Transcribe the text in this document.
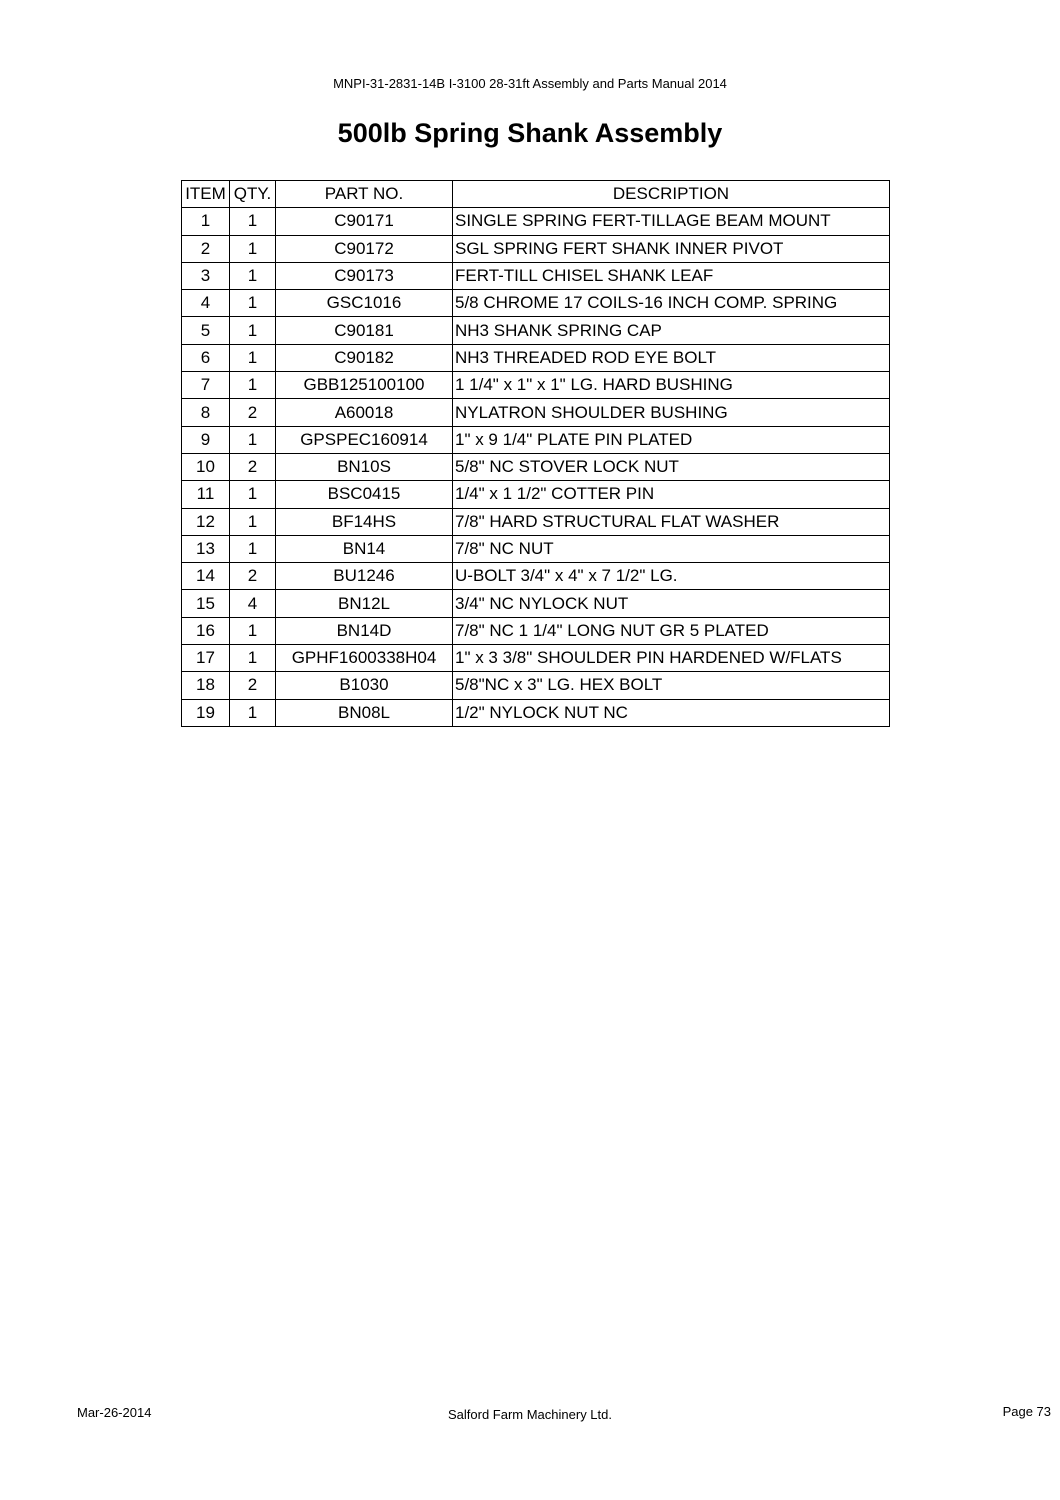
MNPI-31-2831-14B I-3100 28-31ft Assembly and Parts Manual 2014
500lb Spring Shank Assembly
ITEM	QTY.	PART NO.	DESCRIPTION
1	1	C90171	SINGLE SPRING FERT-TILLAGE BEAM MOUNT
2	1	C90172	SGL SPRING FERT SHANK INNER PIVOT
3	1	C90173	FERT-TILL CHISEL SHANK LEAF
4	1	GSC1016	5/8 CHROME 17 COILS-16 INCH COMP. SPRING
5	1	C90181	NH3 SHANK SPRING CAP
6	1	C90182	NH3 THREADED ROD EYE BOLT
7	1	GBB125100100	1 1/4" x 1" x 1" LG. HARD BUSHING
8	2	A60018	NYLATRON SHOULDER BUSHING
9	1	GPSPEC160914	1" x 9 1/4" PLATE PIN PLATED
10	2	BN10S	5/8" NC STOVER LOCK NUT
11	1	BSC0415	1/4" x 1 1/2" COTTER PIN
12	1	BF14HS	7/8" HARD STRUCTURAL FLAT WASHER
13	1	BN14	7/8" NC NUT
14	2	BU1246	U-BOLT 3/4" x 4" x 7 1/2" LG.
15	4	BN12L	3/4" NC NYLOCK NUT
16	1	BN14D	7/8" NC 1 1/4" LONG NUT GR 5 PLATED
17	1	GPHF1600338H04	1" x 3 3/8" SHOULDER PIN HARDENED W/FLATS
18	2	B1030	5/8"NC x 3" LG. HEX BOLT
19	1	BN08L	1/2" NYLOCK NUT NC
Mar-26-2014	Salford Farm Machinery Ltd.	Page 73
